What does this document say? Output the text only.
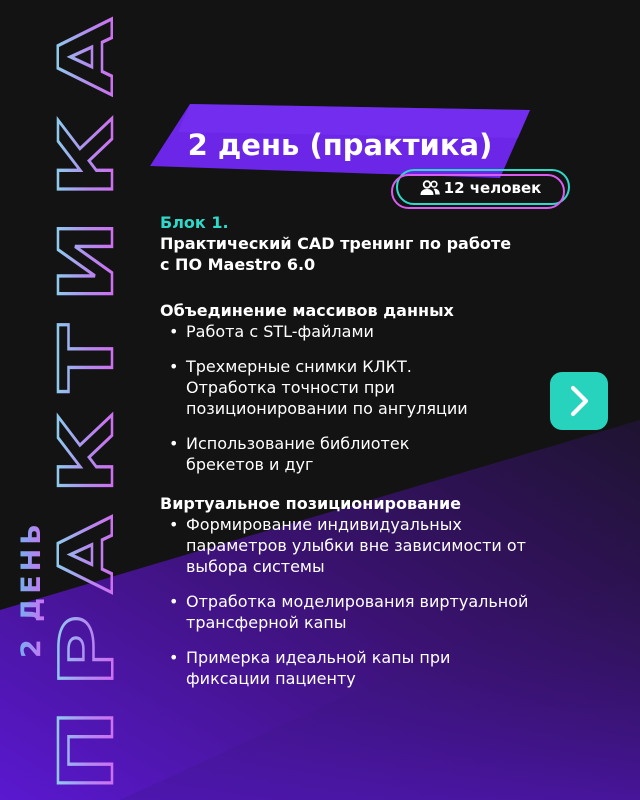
ПРАКТИКА
2 ДЕНЬ
2 день (практика)
12 человек
Блок 1.
Практический CAD тренинг по работе
с ПО Maestro 6.0
Объединение массивов данных
• Работа с STL-файлами
• Трехмерные снимки КЛКТ.
Отработка точности при
позиционировании по ангуляции
• Использование библиотек
брекетов и дуг
Виртуальное позиционирование
• Формирование индивидуальных
параметров улыбки вне зависимости от
выбора системы
• Отработка моделирования виртуальной
трансферной капы
• Примерка идеальной капы при
фиксации пациенту
